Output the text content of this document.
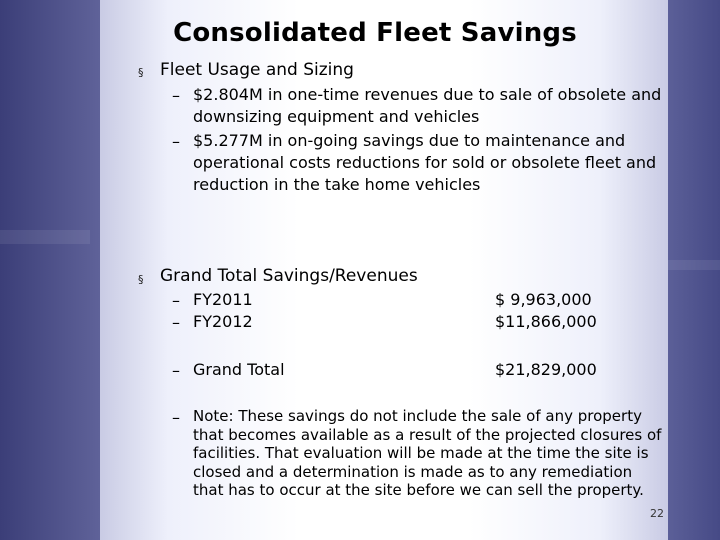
Consolidated Fleet Savings
§ Fleet Usage and Sizing
– $2.804M in one-time revenues due to sale of obsolete and downsizing equipment and vehicles
– $5.277M in on-going savings due to maintenance and operational costs reductions for sold or obsolete fleet and reduction in the take home vehicles
§ Grand Total Savings/Revenues
– FY2011	$ 9,963,000
– FY2012	$11,866,000
– Grand Total	$21,829,000
– Note: These savings do not include the sale of any property that becomes available as a result of the projected closures of facilities. That evaluation will be made at the time the site is closed and a determination is made as to any remediation that has to occur at the site before we can sell the property.
22
